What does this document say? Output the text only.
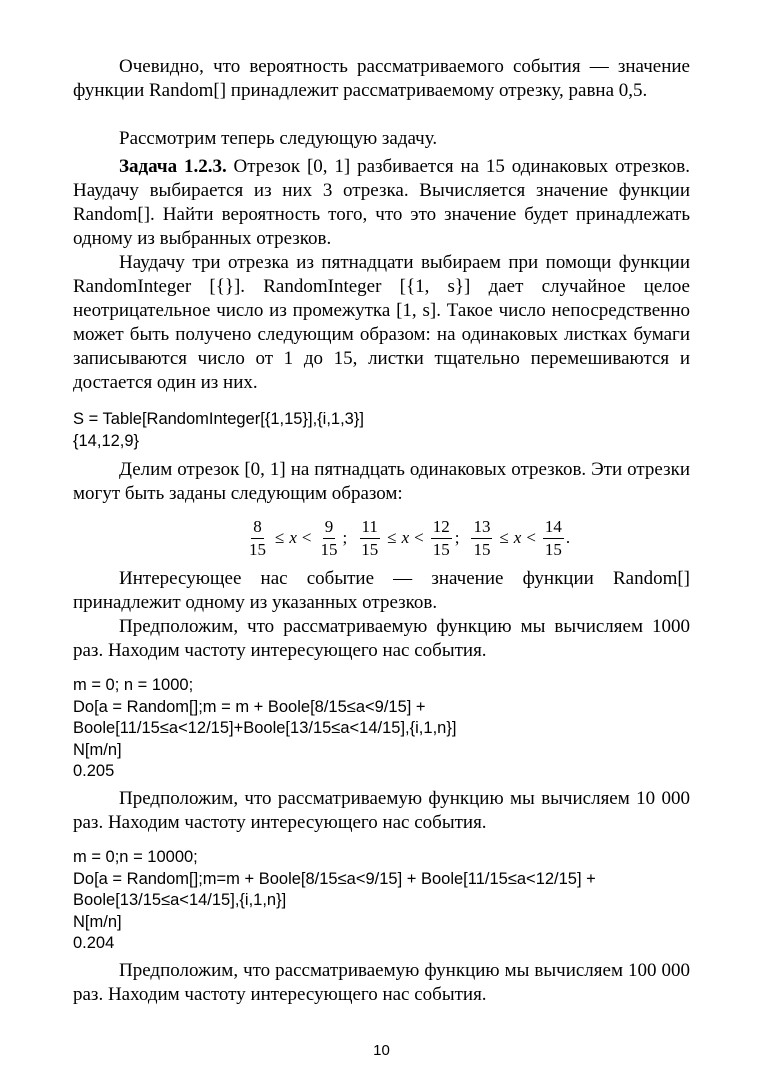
Очевидно, что вероятность рассматриваемого события — значение функции Random[] принадлежит рассматриваемому отрезку, равна 0,5.

Рассмотрим теперь следующую задачу.

Задача 1.2.3. Отрезок [0, 1] разбивается на 15 одинаковых отрезков. Наудачу выбирается из них 3 отрезка. Вычисляется значение функции Random[]. Найти вероятность того, что это значение будет принадлежать одному из выбранных отрезков.

Наудачу три отрезка из пятнадцати выбираем при помощи функции RandomInteger [{}]. RandomInteger [{1, s}] дает случайное целое неотрицательное число из промежутка [1, s]. Такое число непосредственно может быть получено следующим образом: на одинаковых листках бумаги записываются число от 1 до 15, листки тщательно перемешиваются и достается один из них.

S = Table[RandomInteger[{1,15}],{i,1,3}]
{14,12,9}

Делим отрезок [0, 1] на пятнадцать одинаковых отрезков. Эти отрезки могут быть заданы следующим образом:

$\frac{8}{15} \le x < \frac{9}{15}$ ; $\frac{11}{15} \le x < \frac{12}{15}$ ; $\frac{13}{15} \le x < \frac{14}{15}$ .

Интересующее нас событие — значение функции Random[] принадлежит одному из указанных отрезков.

Предположим, что рассматриваемую функцию мы вычисляем 1000 раз. Находим частоту интересующего нас события.

m = 0; n = 1000;
Do[a = Random[];m = m + Boole[8/15≤a<9/15] +
Boole[11/15≤a<12/15]+Boole[13/15≤a<14/15],{i,1,n}]
N[m/n]
0.205

Предположим, что рассматриваемую функцию мы вычисляем 10 000 раз. Находим частоту интересующего нас события.

m = 0;n = 10000;
Do[a = Random[];m=m + Boole[8/15≤a<9/15] + Boole[11/15≤a<12/15] +
Boole[13/15≤a<14/15],{i,1,n}]
N[m/n]
0.204

Предположим, что рассматриваемую функцию мы вычисляем 100 000 раз. Находим частоту интересующего нас события.

10
